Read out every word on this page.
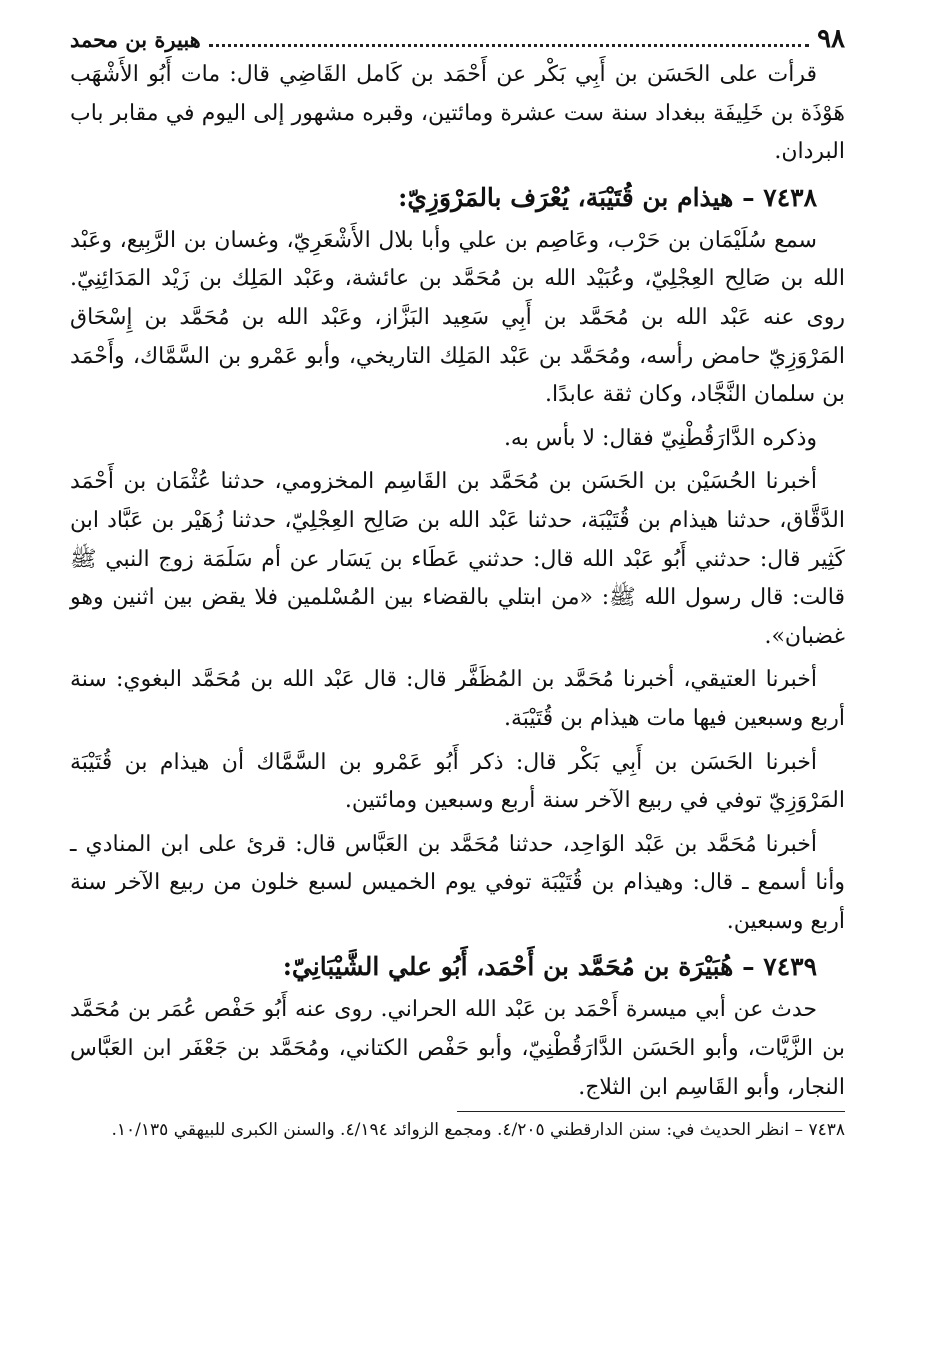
٩٨
هبيرة بن محمد

قرأت على الحَسَن بن أَبِي بَكْر عن أَحْمَد بن كَامل القَاضِي قال: مات أَبُو الأَشْهَب هَوْذَة بن خَلِيفَة ببغداد سنة ست عشرة ومائتين، وقبره مشهور إلى اليوم في مقابر باب البردان.

٧٤٣٨ – هيذام بن قُتَيْبَة، يُعْرَف بالمَرْوَزِيّ:

سمع سُلَيْمَان بن حَرْب، وعَاصِم بن علي وأبا بلال الأَشْعَرِيّ، وغسان بن الرَّبِيع، وعَبْد الله بن صَالِح العِجْلِيّ، وعُبَيْد الله بن مُحَمَّد بن عائشة، وعَبْد المَلِك بن زَيْد المَدَائِنِيّ. روى عنه عَبْد الله بن مُحَمَّد بن أَبِي سَعِيد البَزَّاز، وعَبْد الله بن مُحَمَّد بن إِسْحَاق المَرْوَزِيّ حامض رأسه، ومُحَمَّد بن عَبْد المَلِك التاريخي، وأبو عَمْرو بن السَّمَّاك، وأَحْمَد بن سلمان النَّجَّاد، وكان ثقة عابدًا.

وذكره الدَّارَقُطْنِيّ فقال: لا بأس به.

أخبرنا الحُسَيْن بن الحَسَن بن مُحَمَّد بن القَاسِم المخزومي، حدثنا عُثْمَان بن أَحْمَد الدَّقَّاق، حدثنا هيذام بن قُتَيْبَة، حدثنا عَبْد الله بن صَالِح العِجْلِيّ، حدثنا زُهَيْر بن عَبَّاد ابن كَثِير قال: حدثني أَبُو عَبْد الله قال: حدثني عَطَاء بن يَسَار عن أم سَلَمَة زوج النبي ﷺ قالت: قال رسول الله ﷺ: «من ابتلي بالقضاء بين المُسْلمين فلا يقض بين اثنين وهو غضبان».

أخبرنا العتيقي، أخبرنا مُحَمَّد بن المُظَفَّر قال: قال عَبْد الله بن مُحَمَّد البغوي: سنة أربع وسبعين فيها مات هيذام بن قُتَيْبَة.

أخبرنا الحَسَن بن أَبِي بَكْر قال: ذكر أَبُو عَمْرو بن السَّمَّاك أن هيذام بن قُتَيْبَة المَرْوَزِيّ توفي في ربيع الآخر سنة أربع وسبعين ومائتين.

أخبرنا مُحَمَّد بن عَبْد الوَاحِد، حدثنا مُحَمَّد بن العَبَّاس قال: قرئ على ابن المنادي ـ وأنا أسمع ـ قال: وهيذام بن قُتَيْبَة توفي يوم الخميس لسبع خلون من ربيع الآخر سنة أربع وسبعين.

٧٤٣٩ – هُبَيْرَة بن مُحَمَّد بن أَحْمَد، أَبُو علي الشَّيْبَانِيّ:

حدث عن أبي ميسرة أَحْمَد بن عَبْد الله الحراني. روى عنه أَبُو حَفْص عُمَر بن مُحَمَّد بن الزَّيَّات، وأبو الحَسَن الدَّارَقُطْنِيّ، وأبو حَفْص الكتاني، ومُحَمَّد بن جَعْفَر ابن العَبَّاس النجار، وأبو القَاسِم ابن الثلاج.

٧٤٣٨ – انظر الحديث في: سنن الدارقطني ٤/٢٠٥. ومجمع الزوائد ٤/١٩٤. والسنن الكبرى للبيهقي ١٠/١٣٥.
